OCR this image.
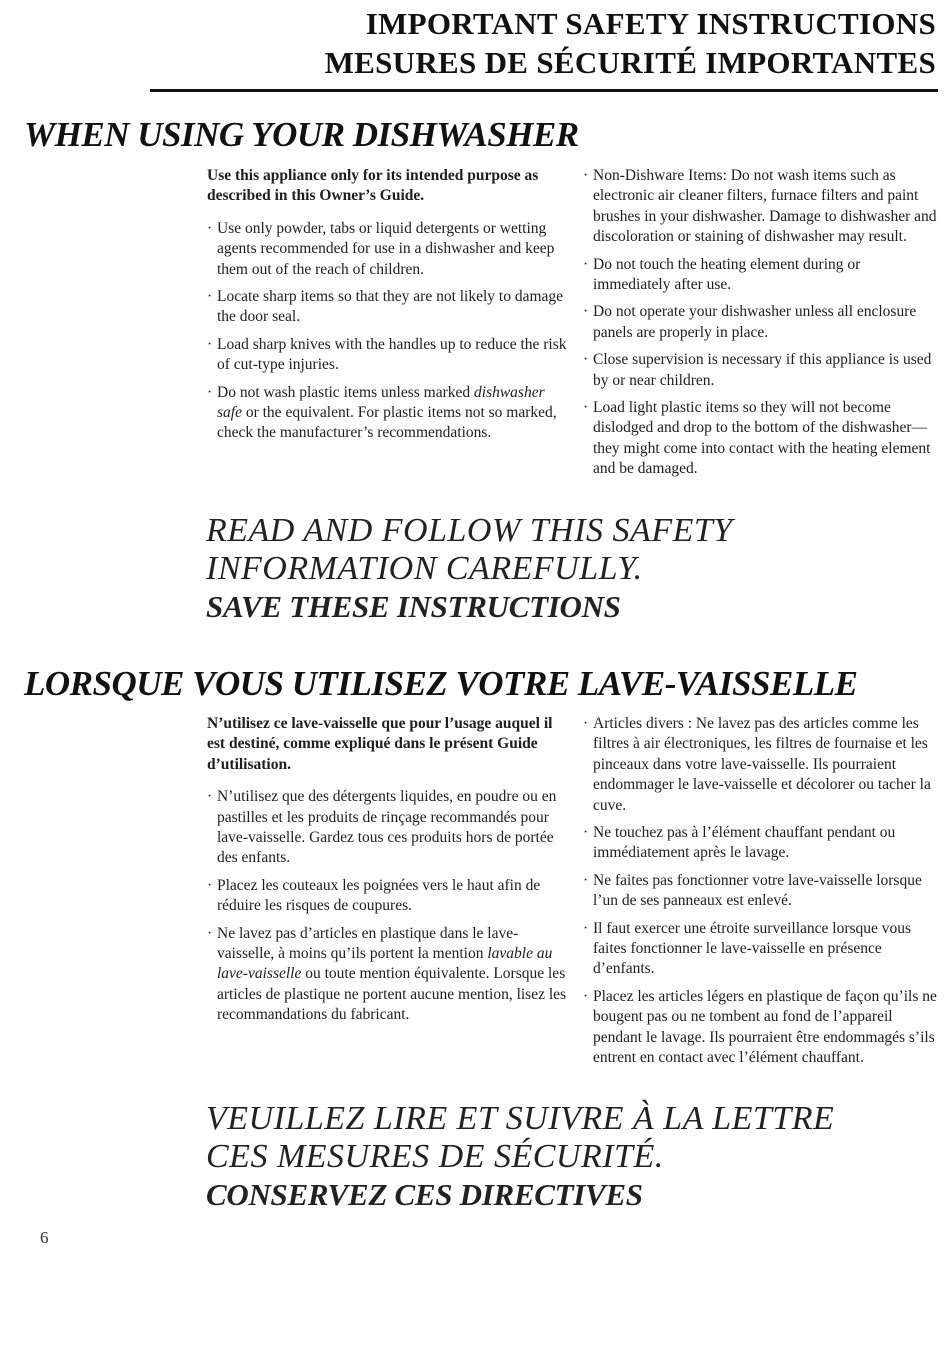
IMPORTANT SAFETY INSTRUCTIONS
MESURES DE SÉCURITÉ IMPORTANTES
WHEN USING YOUR DISHWASHER

Use this appliance only for its intended purpose as described in this Owner’s Guide.

· Use only powder, tabs or liquid detergents or wetting agents recommended for use in a dishwasher and keep them out of the reach of children.

· Locate sharp items so that they are not likely to damage the door seal.

· Load sharp knives with the handles up to reduce the risk of cut-type injuries.

· Do not wash plastic items unless marked dishwasher safe or the equivalent. For plastic items not so marked, check the manufacturer’s recommendations.

· Non-Dishware Items: Do not wash items such as electronic air cleaner filters, furnace filters and paint brushes in your dishwasher. Damage to dishwasher and discoloration or staining of dishwasher may result.

· Do not touch the heating element during or immediately after use.

· Do not operate your dishwasher unless all enclosure panels are properly in place.

· Close supervision is necessary if this appliance is used by or near children.

· Load light plastic items so they will not become dislodged and drop to the bottom of the dishwasher—they might come into contact with the heating element and be damaged.

READ AND FOLLOW THIS SAFETY
INFORMATION CAREFULLY.
SAVE THESE INSTRUCTIONS
LORSQUE VOUS UTILISEZ VOTRE LAVE-VAISSELLE

N’utilisez ce lave-vaisselle que pour l’usage auquel il est destiné, comme expliqué dans le présent Guide d’utilisation.

· N’utilisez que des détergents liquides, en poudre ou en pastilles et les produits de rinçage recommandés pour lave-vaisselle. Gardez tous ces produits hors de portée des enfants.

· Placez les couteaux les poignées vers le haut afin de réduire les risques de coupures.

· Ne lavez pas d’articles en plastique dans le lave-vaisselle, à moins qu’ils portent la mention lavable au lave-vaisselle ou toute mention équivalente. Lorsque les articles de plastique ne portent aucune mention, lisez les recommandations du fabricant.

· Articles divers : Ne lavez pas des articles comme les filtres à air électroniques, les filtres de fournaise et les pinceaux dans votre lave-vaisselle. Ils pourraient endommager le lave-vaisselle et décolorer ou tacher la cuve.

· Ne touchez pas à l’élément chauffant pendant ou immédiatement après le lavage.

· Ne faites pas fonctionner votre lave-vaisselle lorsque l’un de ses panneaux est enlevé.

· Il faut exercer une étroite surveillance lorsque vous faites fonctionner le lave-vaisselle en présence d’enfants.

· Placez les articles légers en plastique de façon qu’ils ne bougent pas ou ne tombent au fond de l’appareil pendant le lavage. Ils pourraient être endommagés s’ils entrent en contact avec l’élément chauffant.

VEUILLEZ LIRE ET SUIVRE À LA LETTRE
CES MESURES DE SÉCURITÉ.
CONSERVEZ CES DIRECTIVES
6
